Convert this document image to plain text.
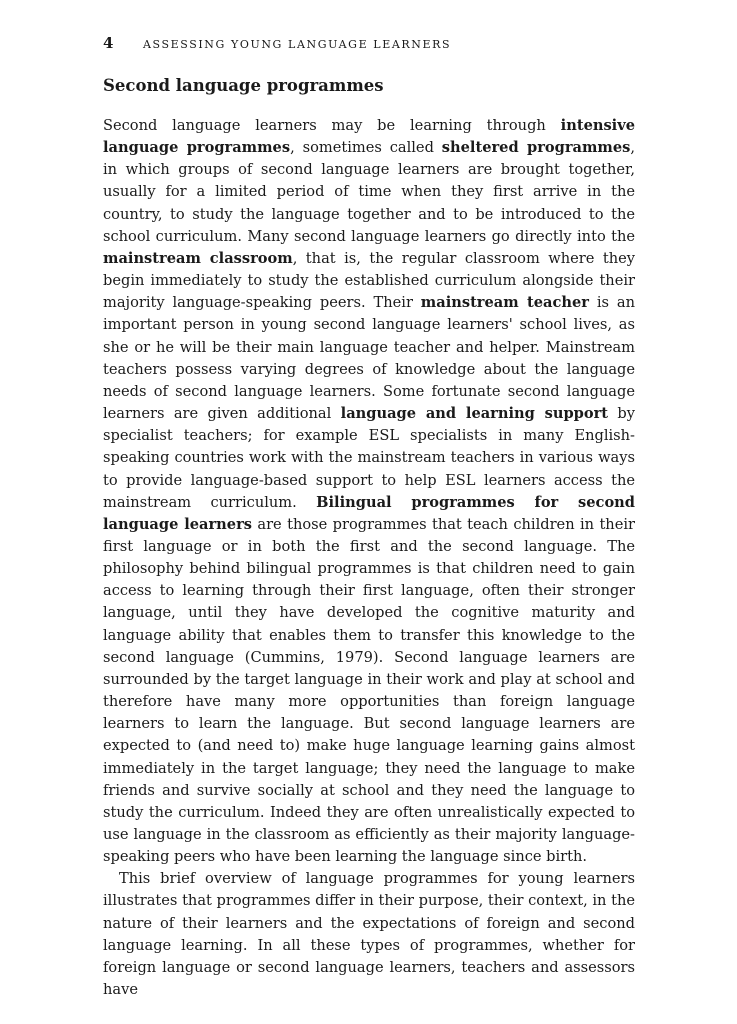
4	ASSESSING YOUNG LANGUAGE LEARNERS
Second language programmes

Second language learners may be learning through intensive language programmes, sometimes called sheltered programmes, in which groups of second language learners are brought together, usually for a limited period of time when they first arrive in the country, to study the language together and to be introduced to the school curriculum. Many second language learners go directly into the mainstream classroom, that is, the regular classroom where they begin immediately to study the established curriculum alongside their majority language-speaking peers. Their mainstream teacher is an important person in young second language learners' school lives, as she or he will be their main language teacher and helper. Mainstream teachers possess varying degrees of knowledge about the language needs of second language learners. Some fortunate second language learners are given additional language and learning support by specialist teachers; for example ESL specialists in many English-speaking countries work with the mainstream teachers in various ways to provide language-based support to help ESL learners access the mainstream curriculum. Bilingual programmes for second language learners are those programmes that teach children in their first language or in both the first and the second language. The philosophy behind bilingual programmes is that children need to gain access to learning through their first language, often their stronger language, until they have developed the cognitive maturity and language ability that enables them to transfer this knowledge to the second language (Cummins, 1979). Second language learners are surrounded by the target language in their work and play at school and therefore have many more opportunities than foreign language learners to learn the language. But second language learners are expected to (and need to) make huge language learning gains almost immediately in the target language; they need the language to make friends and survive socially at school and they need the language to study the curriculum. Indeed they are often unrealistically expected to use language in the classroom as efficiently as their majority language-speaking peers who have been learning the language since birth.

This brief overview of language programmes for young learners illustrates that programmes differ in their purpose, their context, in the nature of their learners and the expectations of foreign and second language learning. In all these types of programmes, whether for foreign language or second language learners, teachers and assessors have
